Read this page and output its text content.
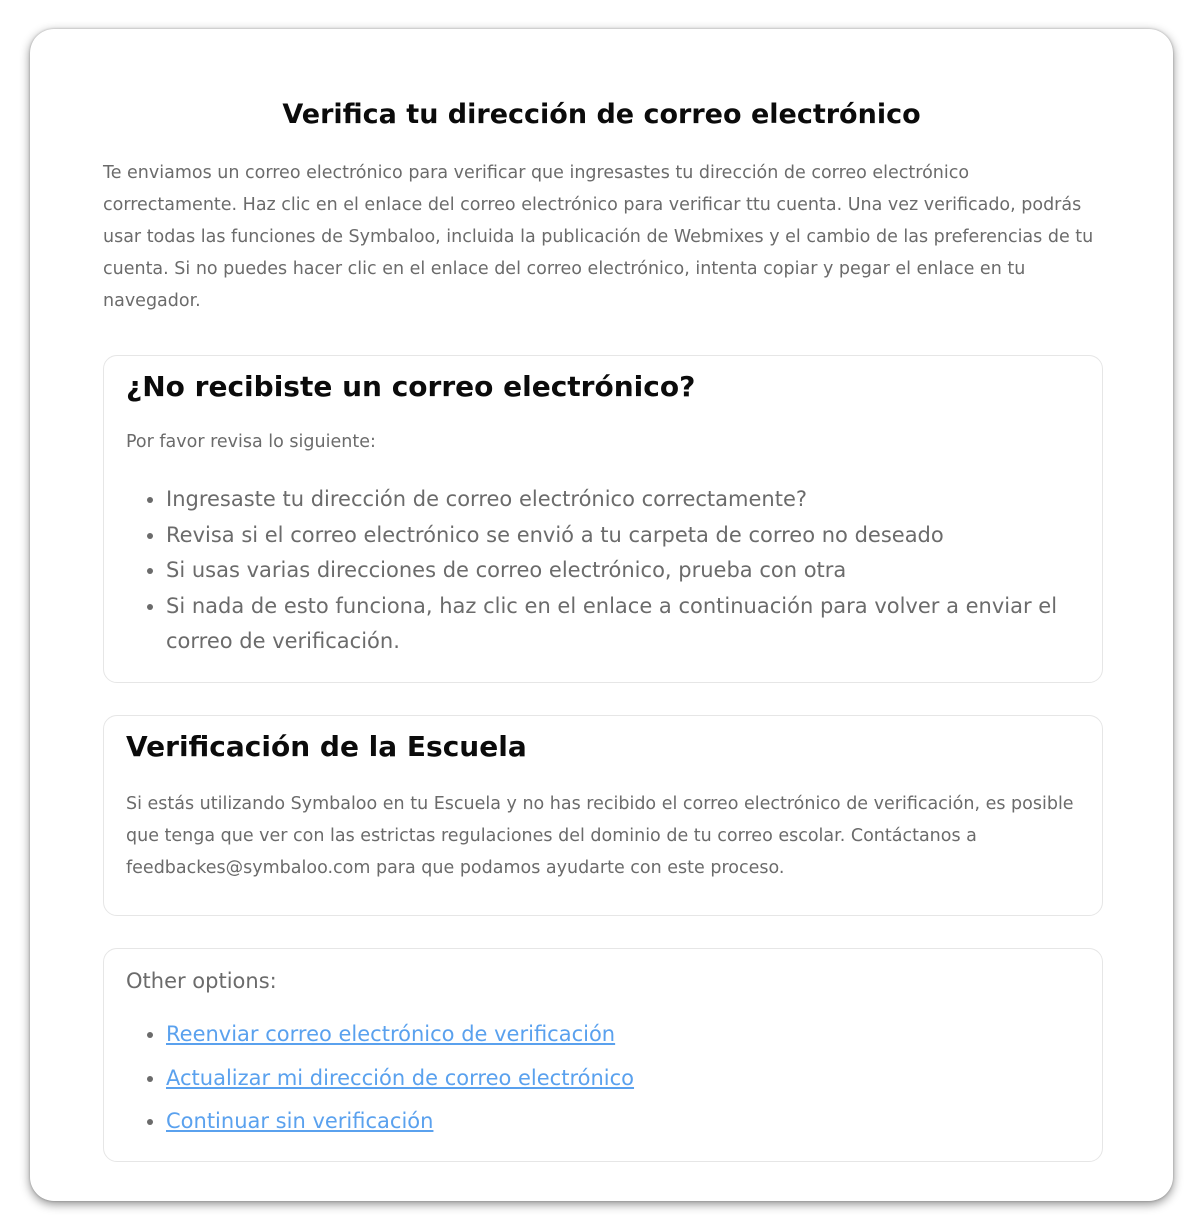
Verifica tu dirección de correo electrónico

Te enviamos un correo electrónico para verificar que ingresastes tu dirección de correo electrónico correctamente. Haz clic en el enlace del correo electrónico para verificar ttu cuenta. Una vez verificado, podrás usar todas las funciones de Symbaloo, incluida la publicación de Webmixes y el cambio de las preferencias de tu cuenta. Si no puedes hacer clic en el enlace del correo electrónico, intenta copiar y pegar el enlace en tu navegador.

¿No recibiste un correo electrónico?

Por favor revisa lo siguiente:

• Ingresaste tu dirección de correo electrónico correctamente?
• Revisa si el correo electrónico se envió a tu carpeta de correo no deseado
• Si usas varias direcciones de correo electrónico, prueba con otra
• Si nada de esto funciona, haz clic en el enlace a continuación para volver a enviar el correo de verificación.
Verificación de la Escuela

Si estás utilizando Symbaloo en tu Escuela y no has recibido el correo electrónico de verificación, es posible que tenga que ver con las estrictas regulaciones del dominio de tu correo escolar. Contáctanos a feedbackes@symbaloo.com para que podamos ayudarte con este proceso.

Other options:

• Reenviar correo electrónico de verificación
• Actualizar mi dirección de correo electrónico
• Continuar sin verificación
